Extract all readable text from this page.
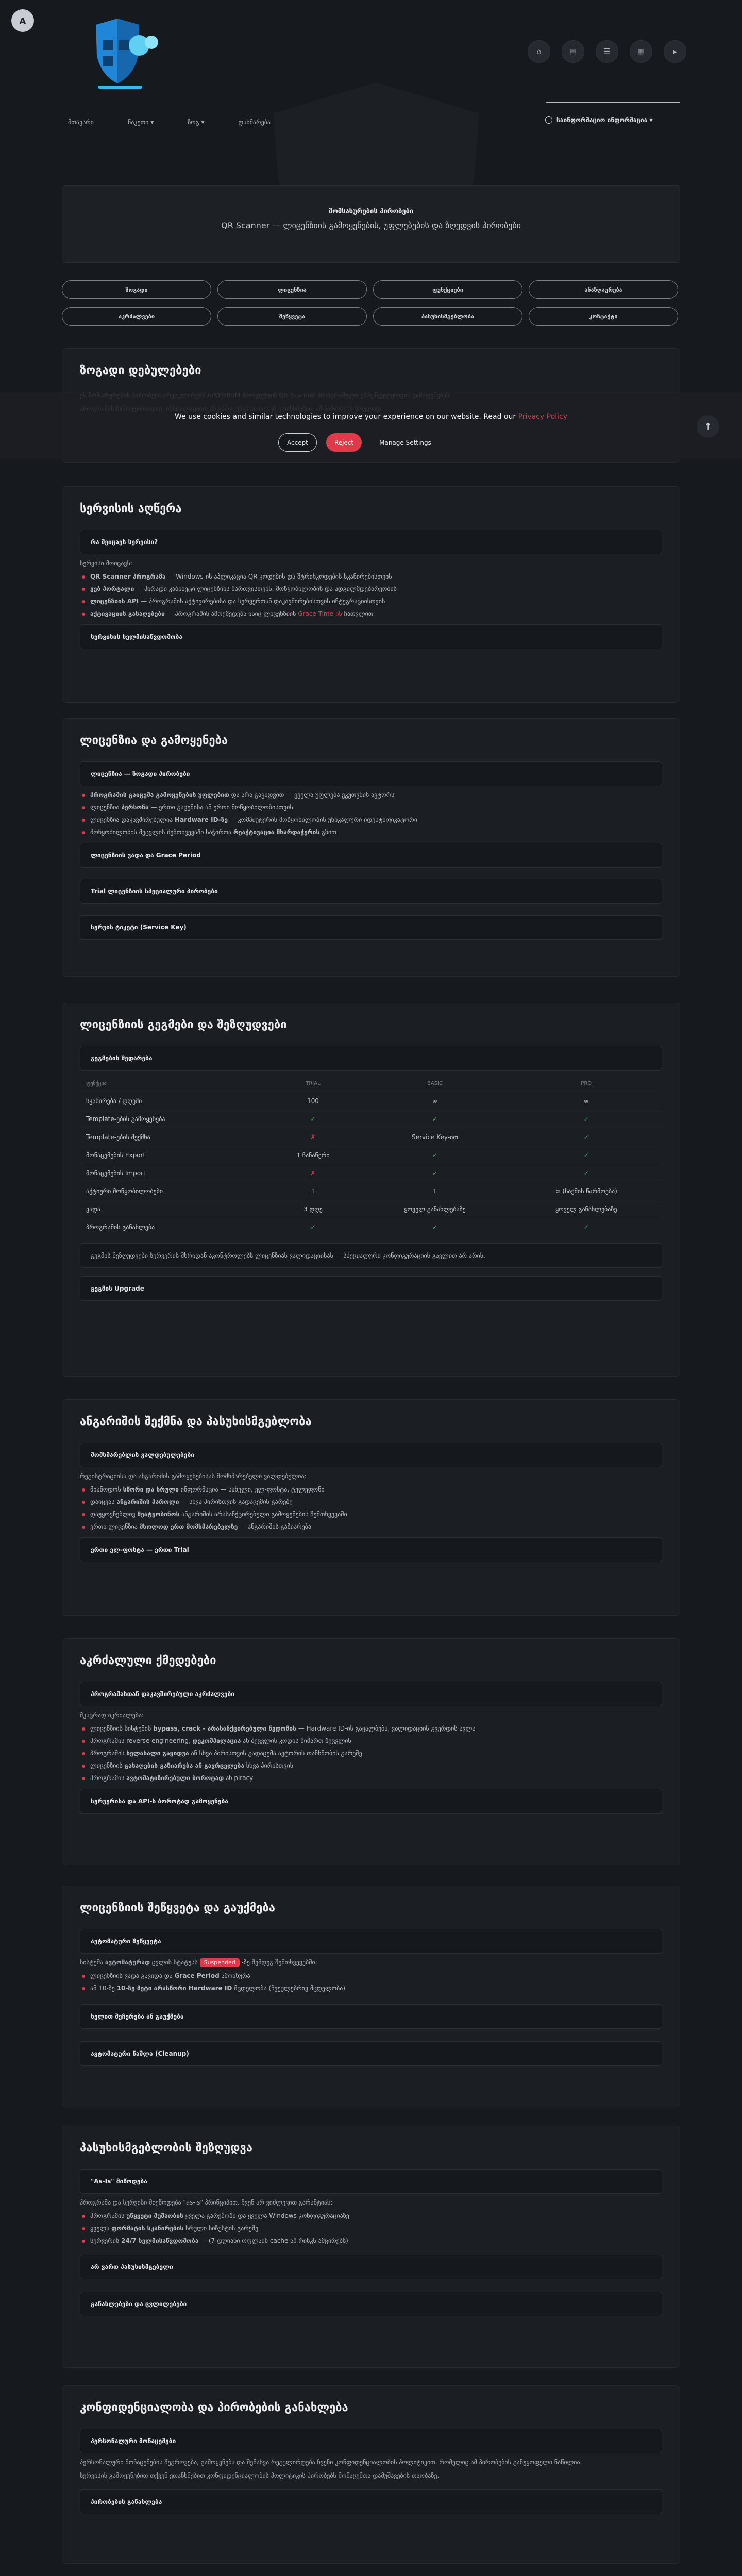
A
⌂	▤	☰	▦	▸
მთავარი	ნაკეთი ▾	ზოგ ▾	დახმარება	საინფორმაციო ინფორმაცია ▾
მომსახურების პირობები
QR Scanner — ლიცენზიის გამოყენების, უფლებების და ზღუდვის პირობები
ზოგადი	ლიცენზია	ფუნქციები	ანაზღაურება
აკრძალვები	შეწყვეტა	პასუხისმგებლობა	კონტაქტი
ზოგადი დებულებები

We use cookies and similar technologies to improve your experience on our website. Read our Privacy Policy
Accept	Reject	Manage Settings
↑
სერვისის აღწერა
რა შეიცავს სერვისი?

სერვისი მოიცავს:

QR Scanner პროგრამა — Windows-ის აპლიკაცია QR კოდების და შტრიხკოდების სკანირებისთვის
ვებ პორტალი — პირადი კაბინეტი ლიცენზიის მართვისთვის, მოწყობილობის და ადგილმდებარეობის
ლიცენზიის API — პროგრამის აქტივირებისა და სერვერთან დაკავშირებისთვის ინტეგრაციისთვის
აქტივაციის გასაღებები — პროგრამის ამოქმედება ისიც ლიცენზიის Grace Time-ის ჩათვლით
სერვისის ხელმისაწვდომობა
ლიცენზია და გამოყენება
ლიცენზია — ზოგადი პირობები
პროგრამის გაიცემა გამოყენების უფლებით და არა გაყიდვით — ყველა უფლება ეკუთვნის ავტორს
ლიცენზია პერსონა — ერთი გაცემისა ან ერთი მოწყობილობისთვის
ლიცენზია დაკავშირებულია Hardware ID-ზე — კომპიუტერის მოწყობილობის უნიკალური იდენტიფიკატორი
მოწყობილობის შეცვლის შემთხვევაში საჭიროა რეაქტივაცია მხარდაჭერის გზით
ლიცენზიის ვადა და Grace Period
Trial ლიცენზიის სპეციალური პირობები
სერვის ტიკეტი (Service Key)
ლიცენზიის გეგმები და შეზღუდვები
გეგმების შედარება
ფუნქცია	TRIAL	BASIC	PRO
სკანირება / დღეში	100	∞	∞
Template-ების გამოყენება	✓	✓	✓
Template-ების შექმნა	✗	Service Key-ით	✓
მონაცემების Export	1 ჩანაწერი	✓	✓
მონაცემების Import	✗	✓	✓
აქტიური მოწყობილობები	1	1	∞ (საქმის წარმოება)
ვადა	3 დღე	ყოველ განახლებაზე	ყოველ განახლებაზე
პროგრამის განახლება	✓	✓	✓
გეგმის შეზღუდვები სერვერის მხრიდან აკონტროლებს ლიცენზიას ვალიდაციისას — სპეციალური კონფიგურაციის გავლით არ არის.
გეგმის Upgrade
ანგარიშის შექმნა და პასუხისმგებლობა
მომხმარებლის ვალდებულებები

რეგისტრაციისა და ანგარიშის გამოყენებისას მომხმარებელი ვალდებულია:

მიაწოდოს სწორი და სრული ინფორმაცია — სახელი, ელ-ფოსტა, ტელეფონი
დაიცვას ანგარიშის პაროლი — სხვა პირისთვის გადაცემის გარეშე
დაუყოვნებლივ შეატყობინოს ანგარიშის არასანქცირებული გამოყენების შემთხვევაში
ერთი ლიცენზია მხოლოდ ერთ მომხმარებელზე — ანგარიშის გაზიარება
ერთი ელ-ფოსტა — ერთი Trial
აკრძალული ქმედებები
პროგრამასთან დაკავშირებული აკრძალვები

მკაცრად იკრძალება:

ლიცენზიის სისტემის bypass, crack - არასანქცირებული წვდომის — Hardware ID-ის გაყალბება, ვალიდაციის გვერდის ავლა
პროგრამის reverse engineering, დეკომპილაცია ან შეცვლის კოდის მიმართ შეცვლის
პროგრამის ხელახალი გაყიდვა ან სხვა პირისთვის გადაცემა ავტორის თანხმობის გარეშე
ლიცენზიის გასაღების გაზიარება ან გავრცელება სხვა პირისთვის
პროგრამის ავტომატიზირებული ბოროტად ან piracy
სერვერისა და API-ს ბოროტად გამოყენება
ლიცენზიის შეწყვეტა და გაუქმება
ავტომატური შეწყვეტა

სისტემა ავტომატურად ცვლის სტატუსს Suspended -ზე შემდეგ შემთხვევებში:

ლიცენზიის ვადა გავიდა და Grace Period ამოიწურა
ან 10-ზე 10-ზე მეტი არასწორი Hardware ID მცდელობა (ჩვეულებრივ მცდელობა)
ხელით შეჩერება ან გაუქმება
ავტომატური წაშლა (Cleanup)
პასუხისმგებლობის შეზღუდვა
"As-Is" მიწოდება

პროგრამა და სერვისი მიეწოდება "as-is" პრინციპით. ჩვენ არ ვიძლევით გარანტიას:

პროგრამის უწყვეტი მუშაობის ყველა გარემოში და ყველა Windows კონფიგურაციაზე
ყველა ფორმატის სკანირების სრული სიზუსტის გარეშე
სერვერის 24/7 ხელმისაწვდომობა — (7-დღიანი ოფლაინ cache ამ რისკს ამცირებს)
არ ვართ პასუხისმგებელი
განახლებები და ცვლილებები
კონფიდენციალობა და პირობების განახლება
პერსონალური მონაცემები

პერსონალური მონაცემების შეგროვება, გამოყენება და შენახვა რეგულირდება ჩვენი კონფიდენციალობის პოლიტიკით. რომელიც ამ პირობების განუყოფელი ნაწილია.

სერვისის გამოყენებით თქვენ ეთანხმებით კონფიდენციალობის პოლიტიკის პირობებს მონაცემთა დამუშავების თაობაზე.

პირობების განახლება
